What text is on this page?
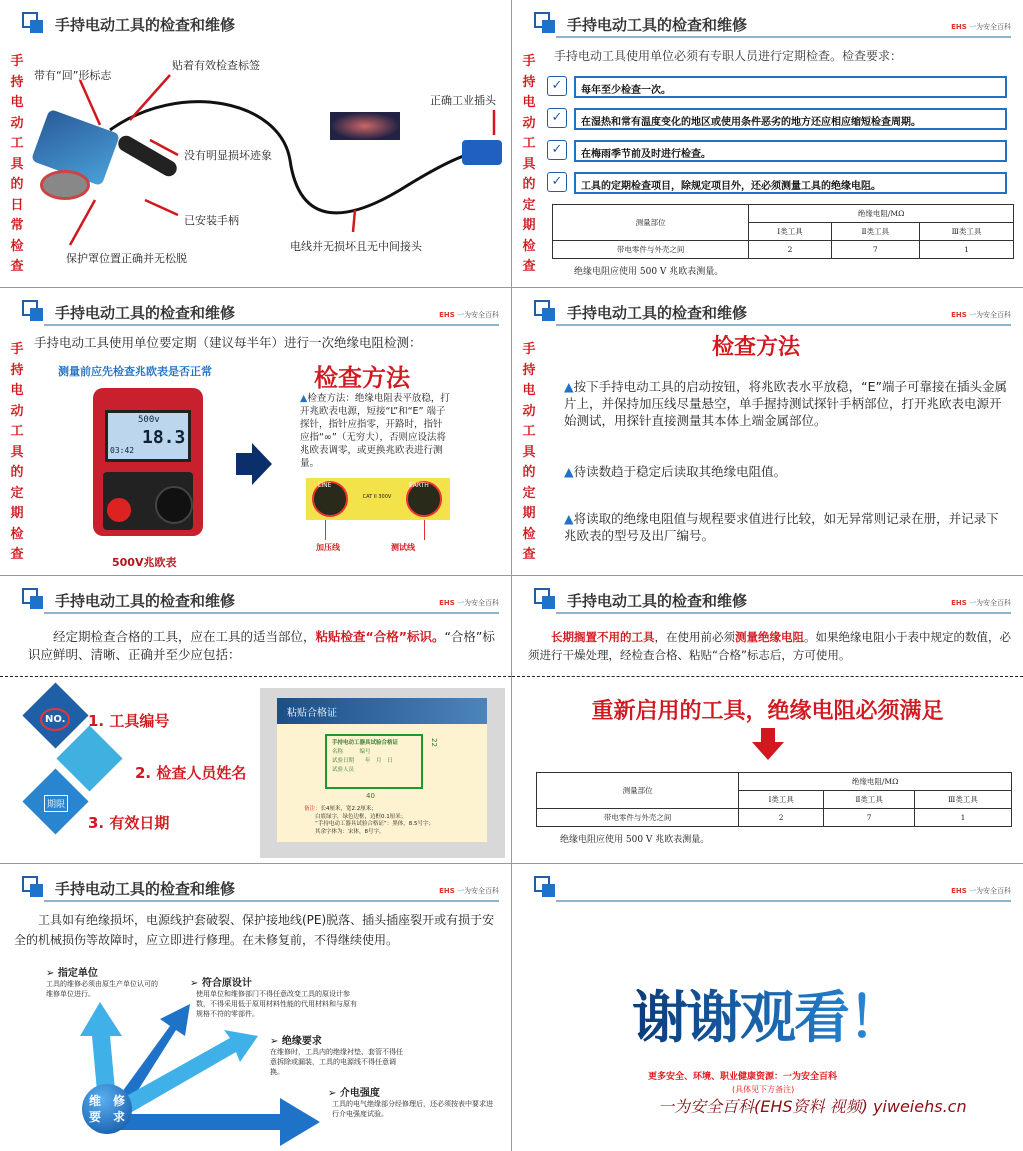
手持电动工具的检查和维修
手
持
电
动
工
具
的
日
常
检
查
带有“回”形标志
贴着有效检查标签
没有明显损坏迹象
已安装手柄
保护罩位置正确并无松脱
正确工业插头
电线并无损坏且无中间接头
手持电动工具的检查和维修	EHS 一为安全百科
手
持
电
动
工
具
的
定
期
检
查
手持电动工具使用单位必须有专职人员进行定期检查。检查要求：
✓	每年至少检查一次。
✓	在湿热和常有温度变化的地区或使用条件恶劣的地方还应相应缩短检查周期。
✓	在梅雨季节前及时进行检查。
✓	工具的定期检查项目，除规定项目外，还必须测量工具的绝缘电阻。
测量部位	绝缘电阻/MΩ		
	Ⅰ类工具	Ⅱ类工具	Ⅲ类工具
带电零件与外壳之间	2	7	1
绝缘电阻应使用 500 V 兆欧表测量。
手持电动工具的检查和维修	EHS 一为安全百科
手
持
电
动
工
具
的
定
期
检
查
手持电动工具使用单位要定期（建议每半年）进行一次绝缘电阻检测：
测量前应先检查兆欧表是否正常
500v
18.3
03:42
500V兆欧表
检查方法
▲检查方法：绝缘电阻表平放稳，打开兆欧表电源，短接“L”和“E” 端子探针，指针应指零，开路时，指针应指“∞”（无穷大），否则应设法将兆欧表调零，或更换兆欧表进行测量。
LINE	EARTH
CAT II 300V
加压线	测试线
手持电动工具的检查和维修	EHS 一为安全百科
手
持
电
动
工
具
的
定
期
检
查
检查方法
▲按下手持电动工具的启动按钮，将兆欧表水平放稳，“E”端子可靠接在插头金属片上，并保持加压线尽量悬空，单手握持测试探针手柄部位，打开兆欧表电源开始测试，用探针直接测量其本体上端金属部位。
▲待读数趋于稳定后读取其绝缘电阻值。
▲将读取的绝缘电阻值与规程要求值进行比较，如无异常则记录在册，并记录下兆欧表的型号及出厂编号。
手持电动工具的检查和维修	EHS 一为安全百科
经定期检查合格的工具，应在工具的适当部位，粘贴检查“合格”标识。“合格”标识应鲜明、清晰、正确并至少应包括：
NO.
期限
1. 工具编号
2. 检查人员姓名
3. 有效日期
粘贴合格证
手持电动工器具试验合格证
名称　　　	编号
试验日期　　 年　月　日
试验人员
22
40
备注：长4厘米，宽2.2厘米；
　　白底绿字，绿色边框，边框0.1厘米；
　　“手持电动工器具试验合格证”：黑体，8.5号字；
　　其余字体为：宋体，8号字。
手持电动工具的检查和维修	EHS 一为安全百科
长期搁置不用的工具，在使用前必须测量绝缘电阻。如果绝缘电阻小于表中规定的数值，必须进行干燥处理，经检查合格、粘贴“合格”标志后，方可使用。
重新启用的工具，绝缘电阻必须满足
测量部位	绝缘电阻/MΩ		
	Ⅰ类工具	Ⅱ类工具	Ⅲ类工具
带电零件与外壳之间	2	7	1
绝缘电阻应使用 500 V 兆欧表测量。
手持电动工具的检查和维修	EHS 一为安全百科
工具如有绝缘损坏，电源线护套破裂、保护接地线(PE)脱落、插头插座裂开或有损于安全的机械损伤等故障时，应立即进行修理。在未修复前，不得继续使用。
维　修
要　求
➢ 指定单位
工具的维修必须由原生产单位认可的维修单位进行。
➢ 符合原设计
使用单位和维修部门不得任意改变工具的原设计参数，不得采用低于原用材料性能的代用材料和与原有规格不符的零部件。
➢ 绝缘要求
在维修时，工具内的绝缘衬垫、套管不得任意拆除或漏装，工具的电源线不得任意调换。
➢ 介电强度
工具的电气绝缘部分经修理后，还必须按表中要求进行介电强度试验。
EHS 一为安全百科
谢谢观看！
更多安全、环境、职业健康资源：一为安全百科
(具体见下方备注)
一为安全百科(EHS资料 视频) yiweiehs.cn
